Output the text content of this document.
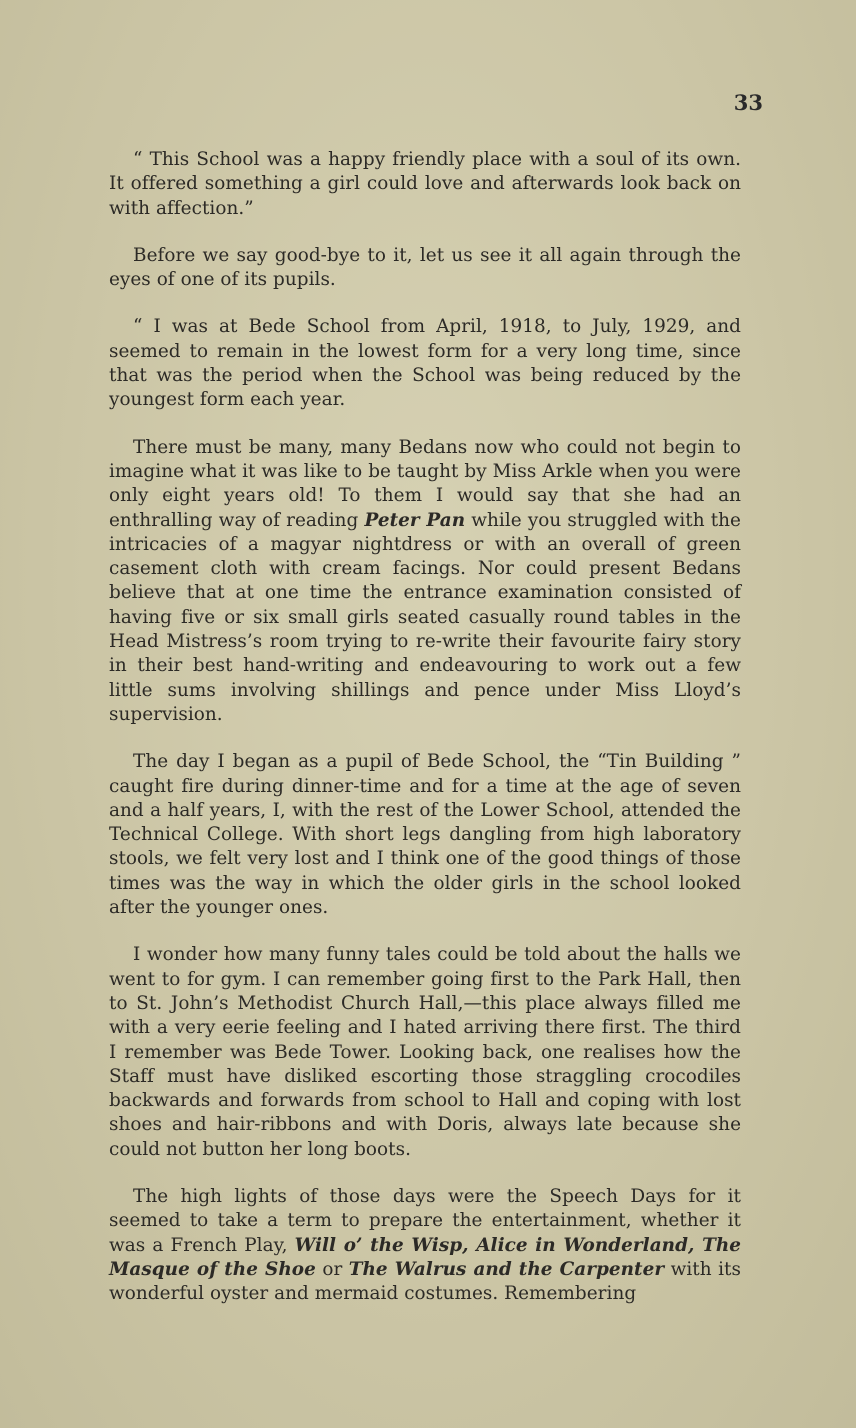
33

“ This School was a happy friendly place with a soul of its own. It offered something a girl could love and afterwards look back on with affection.”

Before we say good-bye to it, let us see it all again through the eyes of one of its pupils.

“ I was at Bede School from April, 1918, to July, 1929, and seemed to remain in the lowest form for a very long time, since that was the period when the School was being reduced by the youngest form each year.

There must be many, many Bedans now who could not begin to imagine what it was like to be taught by Miss Arkle when you were only eight years old! To them I would say that she had an enthralling way of reading Peter Pan while you struggled with the intricacies of a magyar nightdress or with an overall of green casement cloth with cream facings. Nor could present Bedans believe that at one time the entrance examination consisted of having five or six small girls seated casually round tables in the Head Mistress’s room trying to re-write their favourite fairy story in their best hand-writing and endeavouring to work out a few little sums involving shillings and pence under Miss Lloyd’s supervision.

The day I began as a pupil of Bede School, the “Tin Building ” caught fire during dinner-time and for a time at the age of seven and a half years, I, with the rest of the Lower School, attended the Technical College. With short legs dangling from high laboratory stools, we felt very lost and I think one of the good things of those times was the way in which the older girls in the school looked after the younger ones.

I wonder how many funny tales could be told about the halls we went to for gym. I can remember going first to the Park Hall, then to St. John’s Methodist Church Hall,—this place always filled me with a very eerie feeling and I hated arriving there first. The third I remember was Bede Tower. Looking back, one realises how the Staff must have disliked escorting those straggling crocodiles backwards and forwards from school to Hall and coping with lost shoes and hair-ribbons and with Doris, always late because she could not button her long boots.

The high lights of those days were the Speech Days for it seemed to take a term to prepare the entertainment, whether it was a French Play, Will o’ the Wisp, Alice in Wonderland, The Masque of the Shoe or The Walrus and the Carpenter with its wonderful oyster and mermaid costumes. Remembering
